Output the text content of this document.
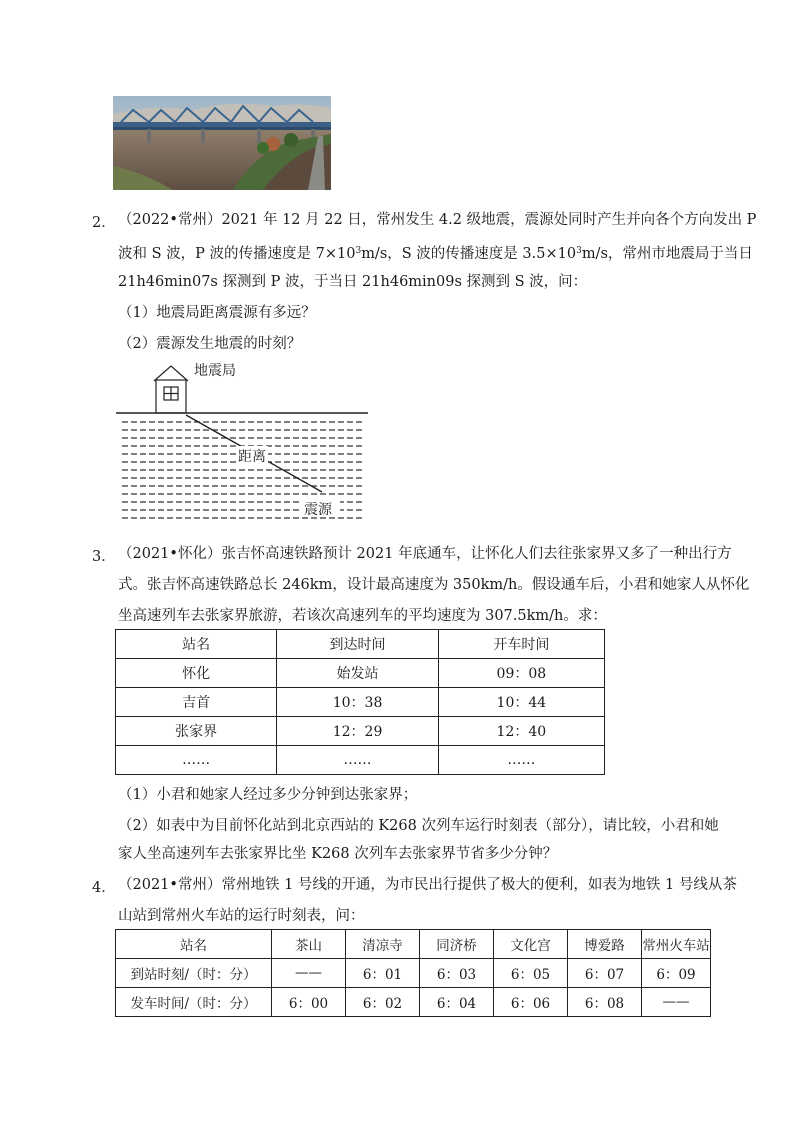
2． （2022•常州）2021 年 12 月 22 日，常州发生 4.2 级地震，震源处同时产生并向各个方向发出 P
波和 S 波，P 波的传播速度是 $7\times 10^3m/s$，S 波的传播速度是 $3.5\times 10^3m/s$，常州市地震局于当日
21h46min07s 探测到 P 波，于当日 21h46min09s 探测到 S 波，问：
（1）地震局距离震源有多远？
（2）震源发生地震的时刻？
地震局
距离
震源
3． （2021•怀化）张吉怀高速铁路预计 2021 年底通车，让怀化人们去往张家界又多了一种出行方
式。张吉怀高速铁路总长 246km，设计最高速度为 350km/h。假设通车后，小君和她家人从怀化
坐高速列车去张家界旅游，若该次高速列车的平均速度为 307.5km/h。求：
站名	到达时间	开车时间
怀化	始发站	09：08
吉首	10：38	10：44
张家界	12：29	12：40
……	……	……
（1）小君和她家人经过多少分钟到达张家界；
（2）如表中为目前怀化站到北京西站的 K268 次列车运行时刻表（部分），请比较，小君和她
家人坐高速列车去张家界比坐 K268 次列车去张家界节省多少分钟？
4． （2021•常州）常州地铁 1 号线的开通，为市民出行提供了极大的便利，如表为地铁 1 号线从茶
山站到常州火车站的运行时刻表，问：
站名	茶山	清凉寺	同济桥	文化宫	博爱路	常州火车站
到站时刻/（时：分）	——	6：01	6：03	6：05	6：07	6：09
发车时间/（时：分）	6：00	6：02	6：04	6：06	6：08	——
